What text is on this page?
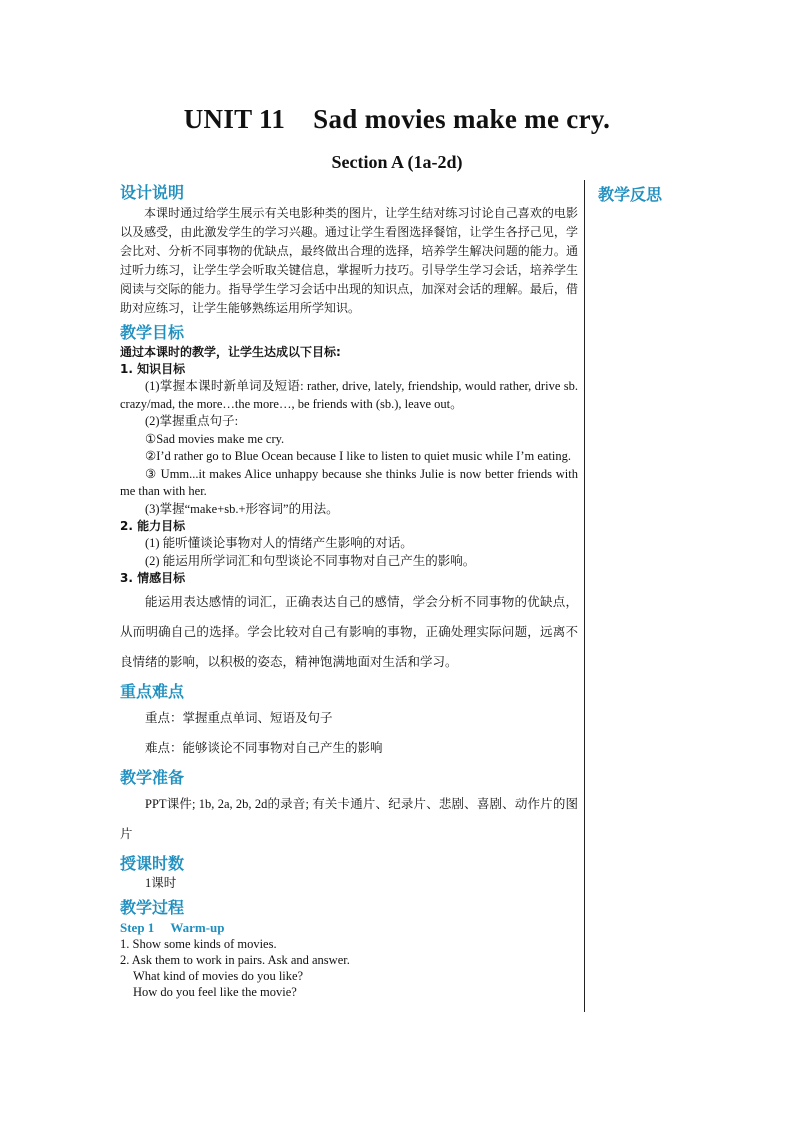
UNIT 11 Sad movies make me cry.
Section A (1a-2d)
教学反思
设计说明
本课时通过给学生展示有关电影种类的图片，让学生结对练习讨论自己喜欢的电影以及感受，由此激发学生的学习兴趣。通过让学生看图选择餐馆，让学生各抒己见，学会比对、分析不同事物的优缺点，最终做出合理的选择，培养学生解决问题的能力。通过听力练习，让学生学会听取关键信息，掌握听力技巧。引导学生学习会话，培养学生阅读与交际的能力。指导学生学习会话中出现的知识点，加深对会话的理解。最后，借助对应练习，让学生能够熟练运用所学知识。
教学目标
通过本课时的教学，让学生达成以下目标:
1. 知识目标
(1)掌握本课时新单词及短语: rather, drive, lately, friendship, would rather, drive sb. crazy/mad, the more…the more…, be friends with (sb.), leave out。
(2)掌握重点句子:
①Sad movies make me cry.
②I’d rather go to Blue Ocean because I like to listen to quiet music while I’m eating.
③ Umm...it makes Alice unhappy because she thinks Julie is now better friends with me than with her.
(3)掌握“make+sb.+形容词”的用法。
2. 能力目标
(1) 能听懂谈论事物对人的情绪产生影响的对话。
(2) 能运用所学词汇和句型谈论不同事物对自己产生的影响。
3. 情感目标
能运用表达感情的词汇，正确表达自己的感情，学会分析不同事物的优缺点，从而明确自己的选择。学会比较对自己有影响的事物，正确处理实际问题，远离不良情绪的影响，以积极的姿态，精神饱满地面对生活和学习。
重点难点
重点：掌握重点单词、短语及句子
难点：能够谈论不同事物对自己产生的影响
教学准备
PPT课件; 1b, 2a, 2b, 2d的录音; 有关卡通片、纪录片、悲剧、喜剧、动作片的图片
授课时数
1课时
教学过程
Step 1 Warm-up
1. Show some kinds of movies.
2. Ask them to work in pairs. Ask and answer.
What kind of movies do you like?
How do you feel like the movie?
